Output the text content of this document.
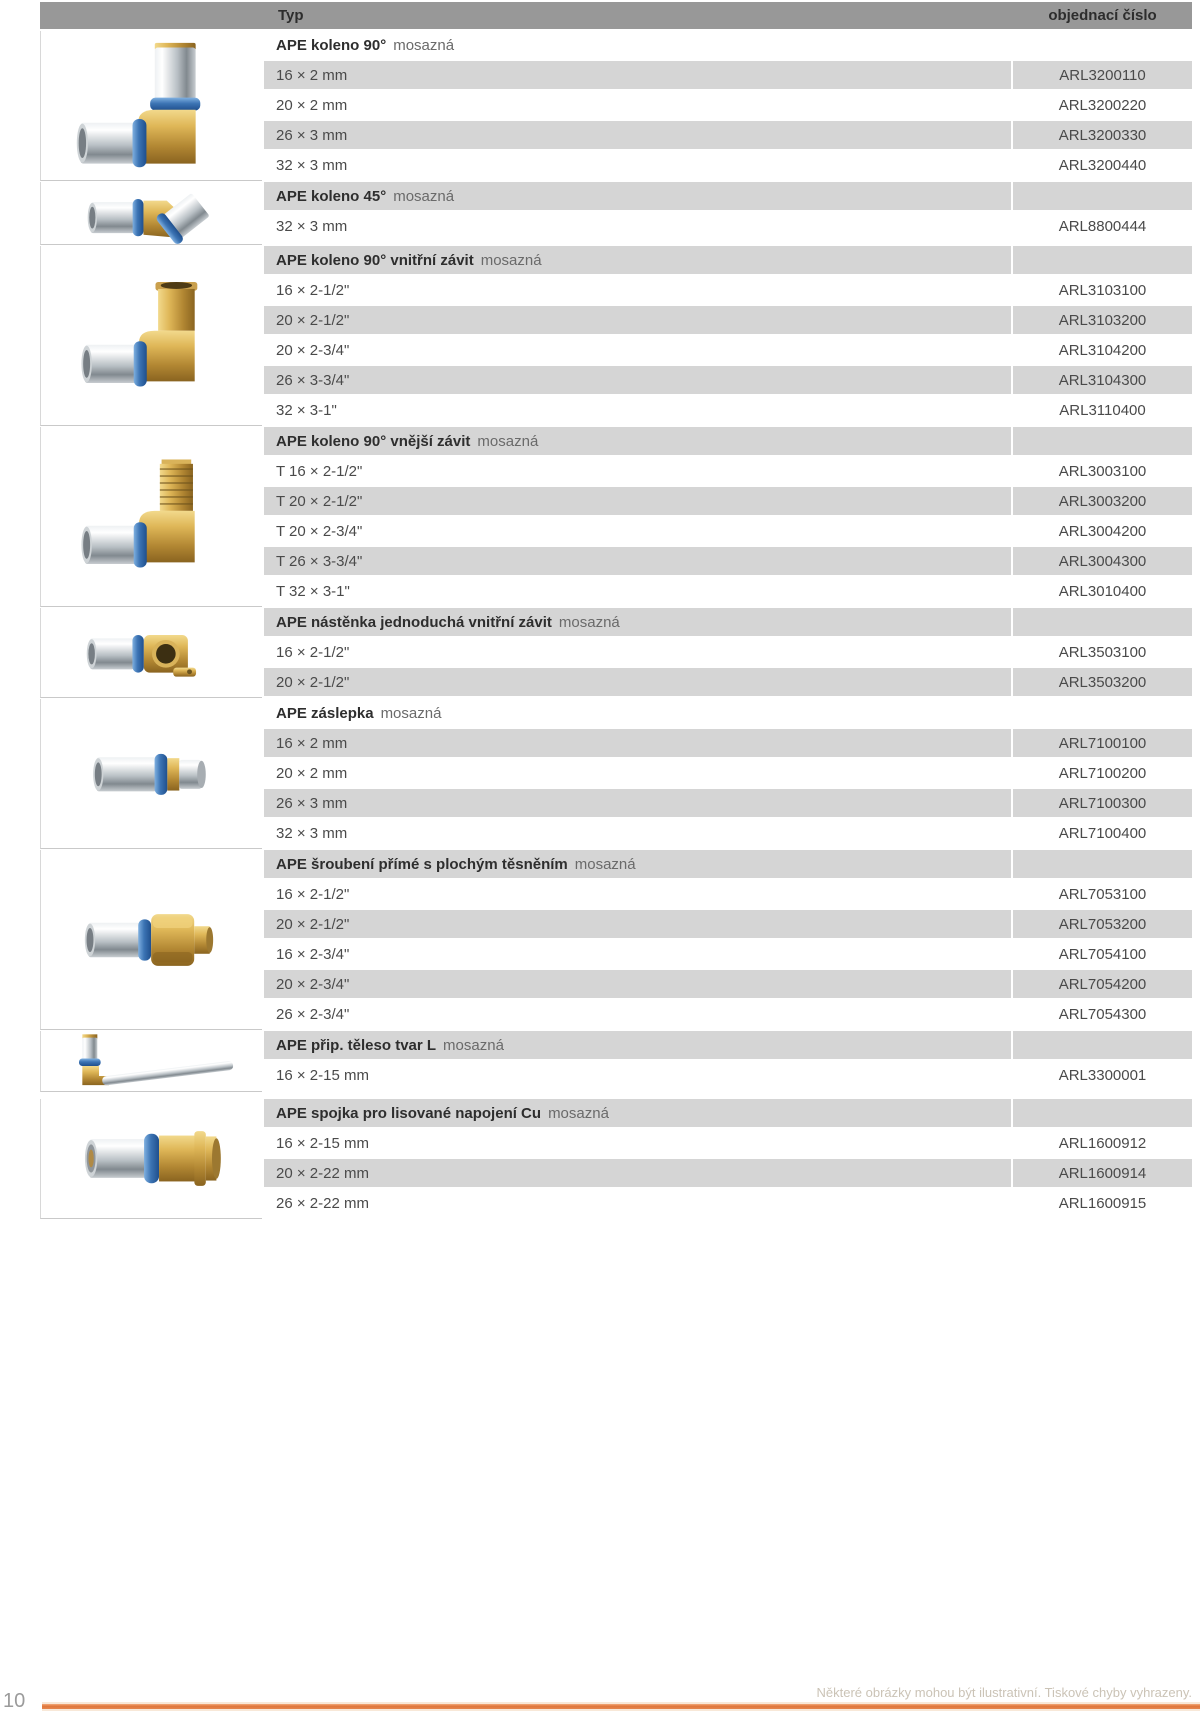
Typ	objednací číslo
APE koleno 90° mosazná
16 × 2 mm	ARL3200110
20 × 2 mm	ARL3200220
26 × 3 mm	ARL3200330
32 × 3 mm	ARL3200440
APE koleno 45° mosazná
32 × 3 mm	ARL8800444
APE koleno 90° vnitřní závit mosazná
16 × 2-1/2"	ARL3103100
20 × 2-1/2"	ARL3103200
20 × 2-3/4"	ARL3104200
26 × 3-3/4"	ARL3104300
32 × 3-1"	ARL3110400
APE koleno 90° vnější závit mosazná
T 16 × 2-1/2"	ARL3003100
T 20 × 2-1/2"	ARL3003200
T 20 × 2-3/4"	ARL3004200
T 26 × 3-3/4"	ARL3004300
T 32 × 3-1"	ARL3010400
APE nástěnka jednoduchá vnitřní závit mosazná
16 × 2-1/2"	ARL3503100
20 × 2-1/2"	ARL3503200
APE záslepka mosazná
16 × 2 mm	ARL7100100
20 × 2 mm	ARL7100200
26 × 3 mm	ARL7100300
32 × 3 mm	ARL7100400
APE šroubení přímé s plochým těsněním mosazná
16 × 2-1/2"	ARL7053100
20 × 2-1/2"	ARL7053200
16 × 2-3/4"	ARL7054100
20 × 2-3/4"	ARL7054200
26 × 2-3/4"	ARL7054300
APE přip. těleso tvar L mosazná
16 × 2-15 mm	ARL3300001
APE spojka pro lisované napojení Cu mosazná
16 × 2-15 mm	ARL1600912
20 × 2-22 mm	ARL1600914
26 × 2-22 mm	ARL1600915
Některé obrázky mohou být ilustrativní. Tiskové chyby vyhrazeny.
10
